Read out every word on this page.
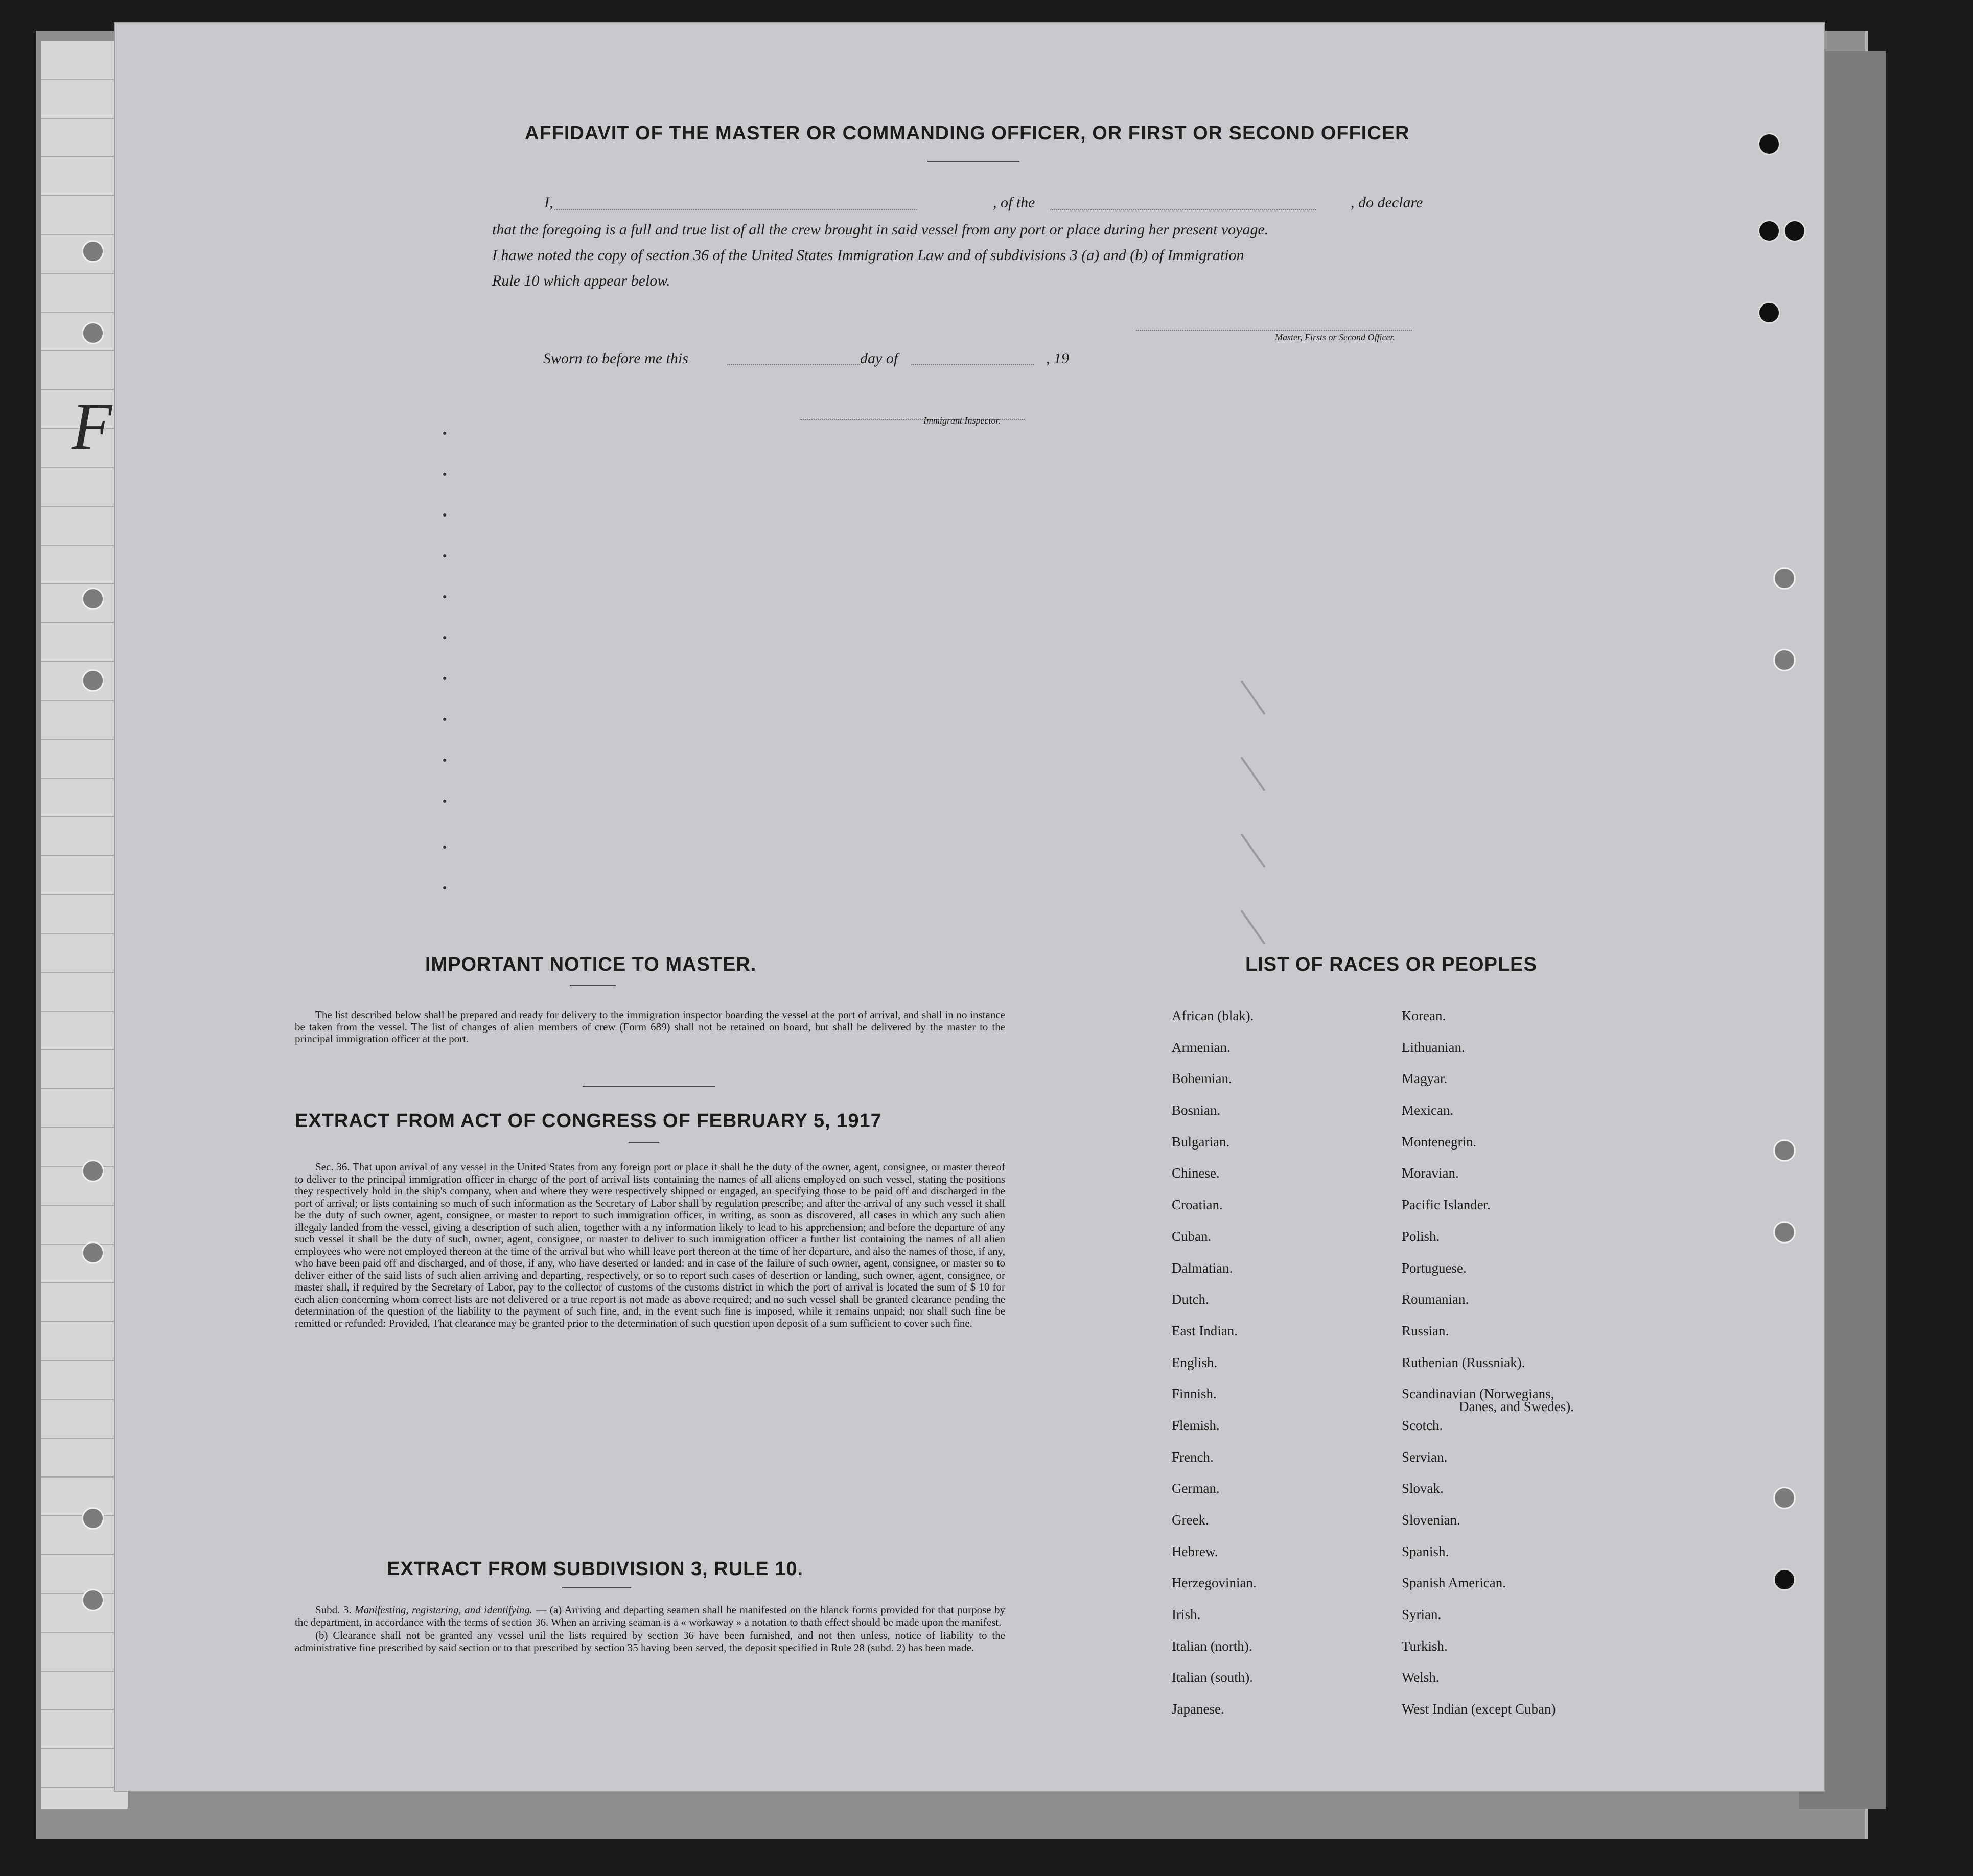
F
AFFIDAVIT OF THE MASTER OR COMMANDING OFFICER, OR FIRST OR SECOND OFFICER
I,	, of the	, do declare
that the foregoing is a full and true list of all the crew brought in said vessel from any port or place during her present voyage.
I hawe noted the copy of section 36 of the United States Immigration Law and of subdivisions 3 (a) and (b) of Immigration
Rule 10 which appear below.
Master, Firsts or Second Officer.
Sworn to before me this	day of	, 19
Immigrant Inspector.
IMPORTANT NOTICE TO MASTER.

The list described below shall be prepared and ready for delivery to the immigration inspector boarding the vessel at the port of arrival, and shall in no instance be taken from the vessel. The list of changes of alien members of crew (Form 689) shall not be retained on board, but shall be delivered by the master to the principal immigration officer at the port.

EXTRACT FROM ACT OF CONGRESS OF FEBRUARY 5, 1917

Sec. 36. That upon arrival of any vessel in the United States from any foreign port or place it shall be the duty of the owner, agent, consignee, or master thereof to deliver to the principal immigration officer in charge of the port of arrival lists containing the names of all aliens employed on such vessel, stating the positions they respectively hold in the ship's company, when and where they were respectively shipped or engaged, an specifying those to be paid off and discharged in the port of arrival; or lists containing so much of such information as the Secretary of Labor shall by regulation prescribe; and after the arrival of any such vessel it shall be the duty of such owner, agent, consignee, or master to report to such immigration officer, in writing, as soon as discovered, all cases in which any such alien illegaly landed from the vessel, giving a description of such alien, together with a ny information likely to lead to his apprehension; and before the departure of any such vessel it shall be the duty of such, owner, agent, consignee, or master to deliver to such immigration officer a further list containing the names of all alien employees who were not employed thereon at the time of the arrival but who whill leave port thereon at the time of her departure, and also the names of those, if any, who have been paid off and discharged, and of those, if any, who have deserted or landed: and in case of the failure of such owner, agent, consignee, or master so to deliver either of the said lists of such alien arriving and departing, respectively, or so to report such cases of desertion or landing, such owner, agent, consignee, or master shall, if required by the Secretary of Labor, pay to the collector of customs of the customs district in which the port of arrival is located the sum of $ 10 for each alien concerning whom correct lists are not delivered or a true report is not made as above required; and no such vessel shall be granted clearance pending the determination of the question of the liability to the payment of such fine, and, in the event such fine is imposed, while it remains unpaid; nor shall such fine be remitted or refunded: Provided, That clearance may be granted prior to the determination of such question upon deposit of a sum sufficient to cover such fine.

EXTRACT FROM SUBDIVISION 3, RULE 10.

Subd. 3. Manifesting, registering, and identifying. — (a) Arriving and departing seamen shall be manifested on the blanck forms provided for that purpose by the department, in accordance with the terms of section 36. When an arriving seaman is a « workaway » a notation to thath effect should be made upon the manifest.

(b) Clearance shall not be granted any vessel unil the lists required by section 36 have been furnished, and not then unless, notice of liability to the administrative fine prescribed by said section or to that prescribed by section 35 having been served, the deposit specified in Rule 28 (subd. 2) has been made.

LIST OF RACES OR PEOPLES
African (blak).
Armenian.
Bohemian.
Bosnian.
Bulgarian.
Chinese.
Croatian.
Cuban.
Dalmatian.
Dutch.
East Indian.
English.
Finnish.
Flemish.
French.
German.
Greek.
Hebrew.
Herzegovinian.
Irish.
Italian (north).
Italian (south).
Japanese.
Korean.
Lithuanian.
Magyar.
Mexican.
Montenegrin.
Moravian.
Pacific Islander.
Polish.
Portuguese.
Roumanian.
Russian.
Ruthenian (Russniak).
Scandinavian (Norwegians,
Danes, and Swedes).
Scotch.
Servian.
Slovak.
Slovenian.
Spanish.
Spanish American.
Syrian.
Turkish.
Welsh.
West Indian (except Cuban)
